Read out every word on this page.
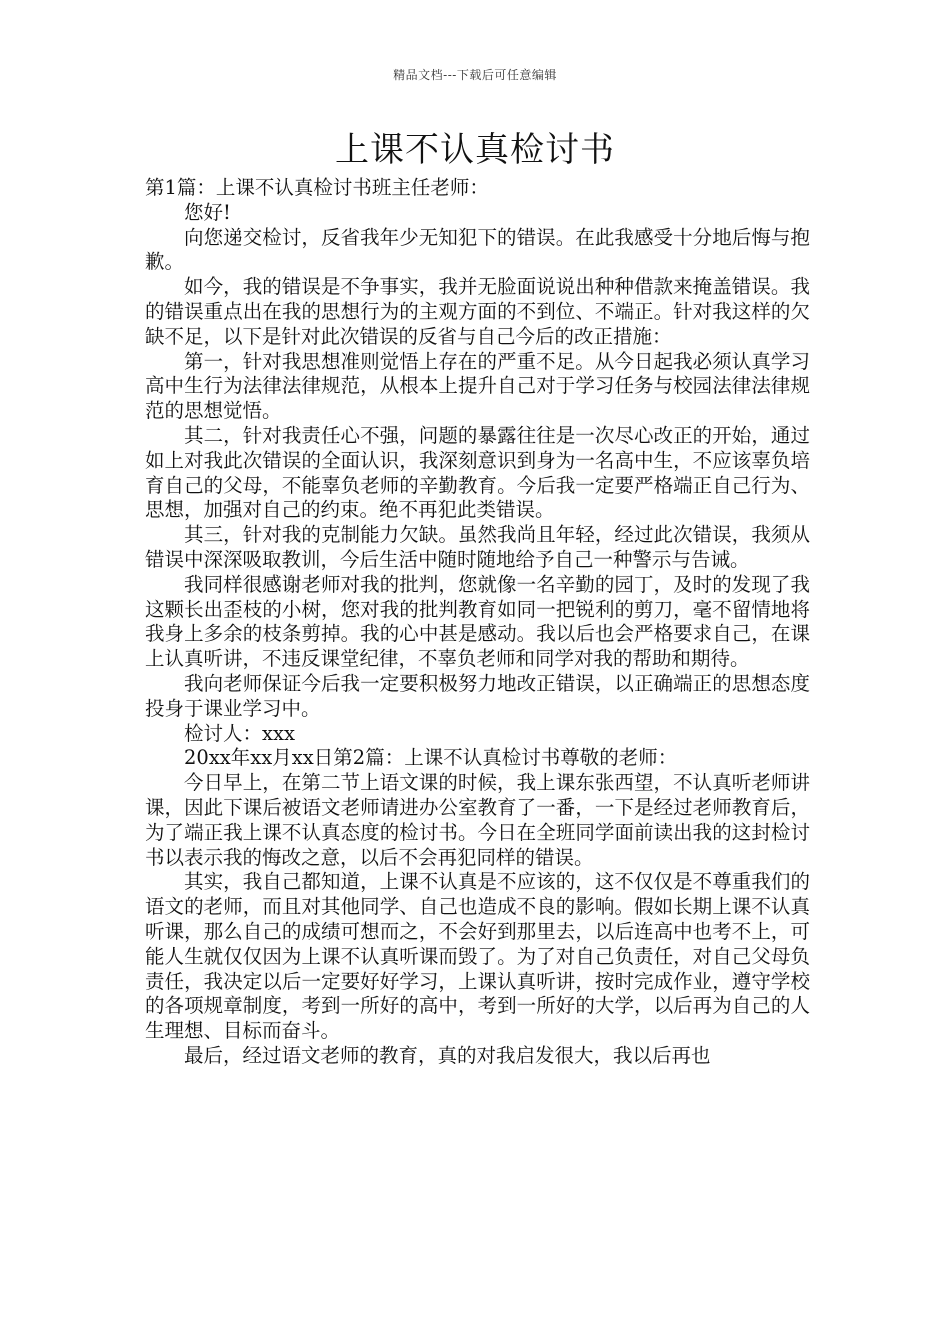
精品文档---下载后可任意编辑
上课不认真检讨书

第1篇：上课不认真检讨书班主任老师：

您好!

向您递交检讨，反省我年少无知犯下的错误。在此我感受十分地后悔与抱歉。

如今，我的错误是不争事实，我并无脸面说说出种种借款来掩盖错误。我的错误重点出在我的思想行为的主观方面的不到位、不端正。针对我这样的欠缺不足，以下是针对此次错误的反省与自己今后的改正措施：

第一，针对我思想准则觉悟上存在的严重不足。从今日起我必须认真学习高中生行为法律法律规范，从根本上提升自己对于学习任务与校园法律法律规范的思想觉悟。

其二，针对我责任心不强，问题的暴露往往是一次尽心改正的开始，通过如上对我此次错误的全面认识，我深刻意识到身为一名高中生，不应该辜负培育自己的父母，不能辜负老师的辛勤教育。今后我一定要严格端正自己行为、思想，加强对自己的约束。绝不再犯此类错误。

其三，针对我的克制能力欠缺。虽然我尚且年轻，经过此次错误，我须从错误中深深吸取教训，今后生活中随时随地给予自己一种警示与告诫。

我同样很感谢老师对我的批判，您就像一名辛勤的园丁，及时的发现了我这颗长出歪枝的小树，您对我的批判教育如同一把锐利的剪刀，毫不留情地将我身上多余的枝条剪掉。我的心中甚是感动。我以后也会严格要求自己，在课上认真听讲，不违反课堂纪律，不辜负老师和同学对我的帮助和期待。

我向老师保证今后我一定要积极努力地改正错误，以正确端正的思想态度投身于课业学习中。

检讨人：xxx

20xx年xx月xx日第2篇：上课不认真检讨书尊敬的老师：

今日早上，在第二节上语文课的时候，我上课东张西望，不认真听老师讲课，因此下课后被语文老师请进办公室教育了一番，一下是经过老师教育后，为了端正我上课不认真态度的检讨书。今日在全班同学面前读出我的这封检讨书以表示我的悔改之意，以后不会再犯同样的错误。

其实，我自己都知道，上课不认真是不应该的，这不仅仅是不尊重我们的语文的老师，而且对其他同学、自己也造成不良的影响。假如长期上课不认真听课，那么自己的成绩可想而之，不会好到那里去，以后连高中也考不上，可能人生就仅仅因为上课不认真听课而毁了。为了对自己负责任，对自己父母负责任，我决定以后一定要好好学习，上课认真听讲，按时完成作业，遵守学校的各项规章制度，考到一所好的高中，考到一所好的大学，以后再为自己的人生理想、目标而奋斗。

最后，经过语文老师的教育，真的对我启发很大，我以后再也
